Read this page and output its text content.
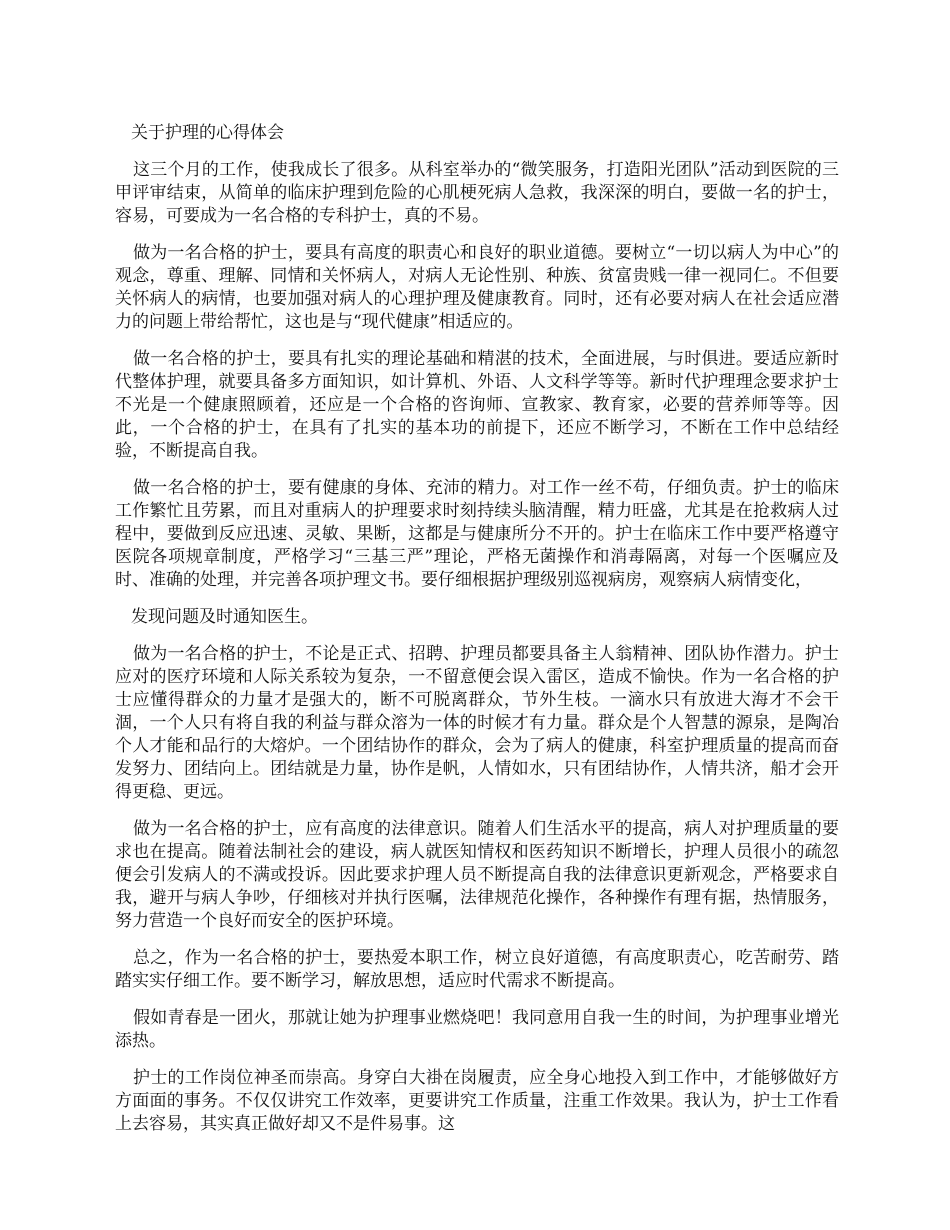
关于护理的心得体会

这三个月的工作，使我成长了很多。从科室举办的“微笑服务，打造阳光团队”活动到医院的三甲评审结束，从简单的临床护理到危险的心肌梗死病人急救，我深深的明白，要做一名的护士，容易，可要成为一名合格的专科护士，真的不易。

做为一名合格的护士，要具有高度的职责心和良好的职业道德。要树立“一切以病人为中心”的观念，尊重、理解、同情和关怀病人，对病人无论性别、种族、贫富贵贱一律一视同仁。不但要关怀病人的病情，也要加强对病人的心理护理及健康教育。同时，还有必要对病人在社会适应潜力的问题上带给帮忙，这也是与“现代健康”相适应的。

做一名合格的护士，要具有扎实的理论基础和精湛的技术，全面进展，与时俱进。要适应新时代整体护理，就要具备多方面知识，如计算机、外语、人文科学等等。新时代护理理念要求护士不光是一个健康照顾着，还应是一个合格的咨询师、宣教家、教育家，必要的营养师等等。因此，一个合格的护士，在具有了扎实的基本功的前提下，还应不断学习，不断在工作中总结经验，不断提高自我。

做一名合格的护士，要有健康的身体、充沛的精力。对工作一丝不苟，仔细负责。护士的临床工作繁忙且劳累，而且对重病人的护理要求时刻持续头脑清醒，精力旺盛，尤其是在抢救病人过程中，要做到反应迅速、灵敏、果断，这都是与健康所分不开的。护士在临床工作中要严格遵守医院各项规章制度，严格学习“三基三严”理论，严格无菌操作和消毒隔离，对每一个医嘱应及时、准确的处理，并完善各项护理文书。要仔细根据护理级别巡视病房，观察病人病情变化，

发现问题及时通知医生。

做为一名合格的护士，不论是正式、招聘、护理员都要具备主人翁精神、团队协作潜力。护士应对的医疗环境和人际关系较为复杂，一不留意便会误入雷区，造成不愉快。作为一名合格的护士应懂得群众的力量才是强大的，断不可脱离群众，节外生枝。一滴水只有放进大海才不会干涸，一个人只有将自我的利益与群众溶为一体的时候才有力量。群众是个人智慧的源泉，是陶冶个人才能和品行的大熔炉。一个团结协作的群众，会为了病人的健康，科室护理质量的提高而奋发努力、团结向上。团结就是力量，协作是帆，人情如水，只有团结协作，人情共济，船才会开得更稳、更远。

做为一名合格的护士，应有高度的法律意识。随着人们生活水平的提高，病人对护理质量的要求也在提高。随着法制社会的建设，病人就医知情权和医药知识不断增长，护理人员很小的疏忽便会引发病人的不满或投诉。因此要求护理人员不断提高自我的法律意识更新观念，严格要求自我，避开与病人争吵，仔细核对并执行医嘱，法律规范化操作，各种操作有理有据，热情服务，努力营造一个良好而安全的医护环境。

总之，作为一名合格的护士，要热爱本职工作，树立良好道德，有高度职责心，吃苦耐劳、踏踏实实仔细工作。要不断学习，解放思想，适应时代需求不断提高。

假如青春是一团火，那就让她为护理事业燃烧吧！我同意用自我一生的时间，为护理事业增光添热。

护士的工作岗位神圣而崇高。身穿白大褂在岗履责，应全身心地投入到工作中，才能够做好方方面面的事务。不仅仅讲究工作效率，更要讲究工作质量，注重工作效果。我认为，护士工作看上去容易，其实真正做好却又不是件易事。这
